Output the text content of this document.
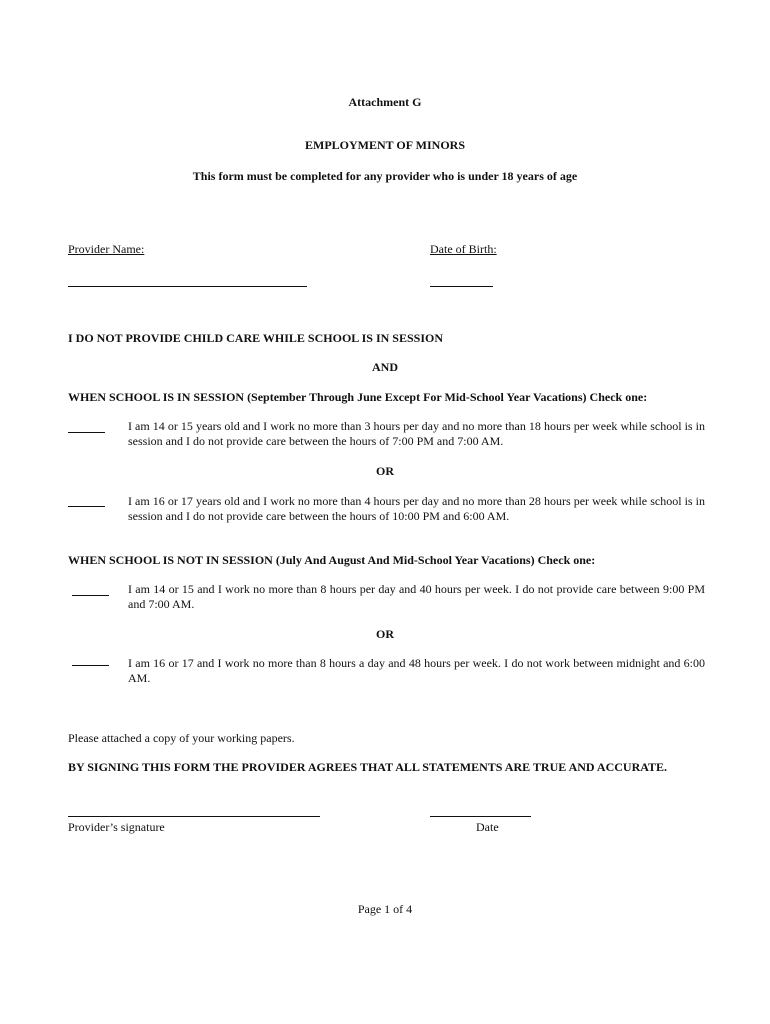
Attachment G
EMPLOYMENT OF MINORS
This form must be completed for any provider who is under 18 years of age
Provider Name:	Date of Birth:
I DO NOT PROVIDE CHILD CARE WHILE SCHOOL IS IN SESSION
AND
WHEN SCHOOL IS IN SESSION (September Through June Except For Mid-School Year Vacations) Check one:
I am 14 or 15 years old and I work no more than 3 hours per day and no more than 18 hours per week while school is in session and I do not provide care between the hours of 7:00 PM and 7:00 AM.
OR
I am 16 or 17 years old and I work no more than 4 hours per day and no more than 28 hours per week while school is in session and I do not provide care between the hours of 10:00 PM and 6:00 AM.
WHEN SCHOOL IS NOT IN SESSION (July And August And Mid-School Year Vacations) Check one:
I am 14 or 15 and I work no more than 8 hours per day and 40 hours per week. I do not provide care between 9:00 PM and 7:00 AM.
OR
I am 16 or 17 and I work no more than 8 hours a day and 48 hours per week. I do not work between midnight and 6:00 AM.
Please attached a copy of your working papers.
BY SIGNING THIS FORM THE PROVIDER AGREES THAT ALL STATEMENTS ARE TRUE AND ACCURATE.
Provider’s signature	Date
Page 1 of 4
